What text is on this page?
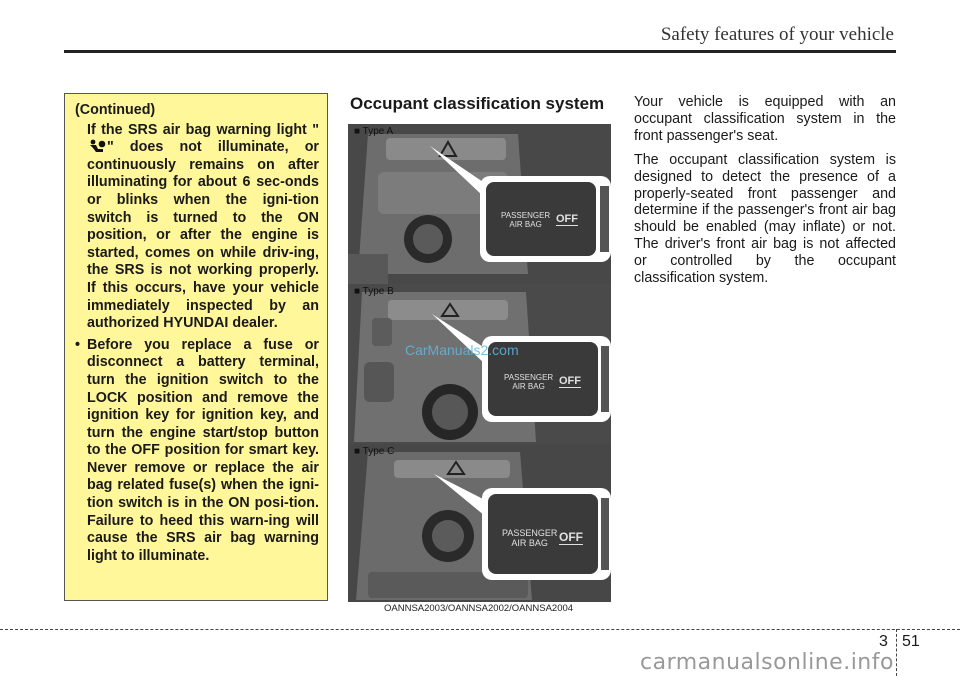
Safety features of your vehicle

(Continued)

If the SRS air bag warning light "" does not illuminate, or continuously remains on after illuminating for about 6 sec-onds or blinks when the igni-tion switch is turned to the ON position, or after the engine is started, comes on while driv-ing, the SRS is not working properly. If this occurs, have your vehicle immediately inspected by an authorized HYUNDAI dealer.

• Before you replace a fuse or disconnect a battery terminal, turn the ignition switch to the LOCK position and remove the ignition key for ignition key, and turn the engine start/stop button to the OFF position for smart key. Never remove or replace the air bag related fuse(s) when the igni-tion switch is in the ON posi-tion. Failure to heed this warn-ing will cause the SRS air bag warning light to illuminate.

Occupant classification system
■ Type A
PASSENGER
AIR BAG	OFF
■ Type B
PASSENGER
AIR BAG	OFF
■ Type C
PASSENGER
AIR BAG OFF
CarManuals2.com
OANNSA2003/OANNSA2002/OANNSA2004

Your vehicle is equipped with an occupant classification system in the front passenger's seat.

The occupant classification system is designed to detect the presence of a properly-seated front passenger and determine if the passenger's front air bag should be enabled (may inflate) or not. The driver's front air bag is not affected or controlled by the occupant classification system.

3 51
carmanualsonline.info
